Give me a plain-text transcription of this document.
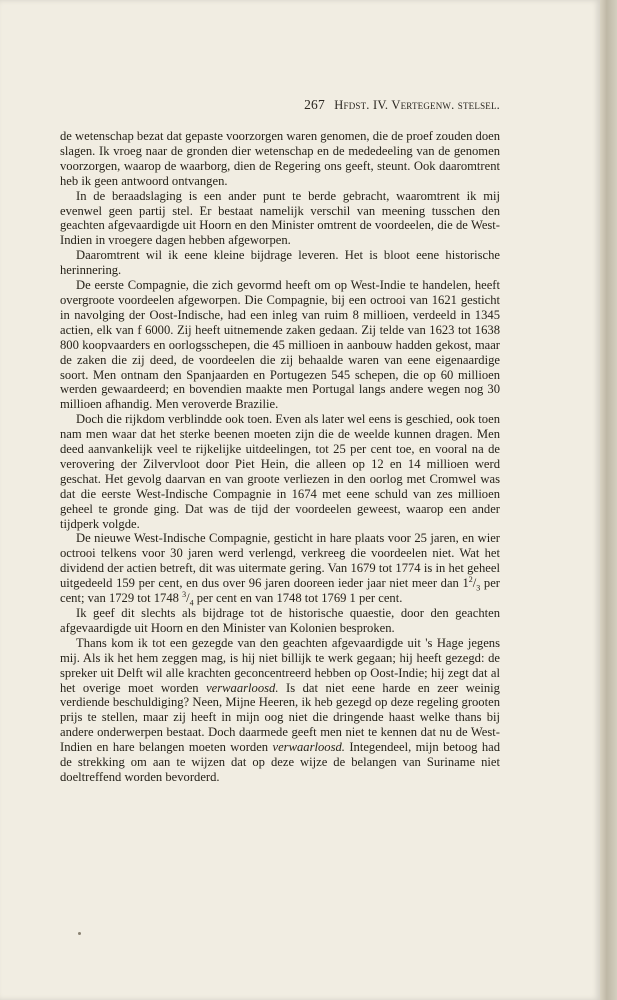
267 Hfdst. IV. Vertegenw. stelsel.

de wetenschap bezat dat gepaste voorzorgen waren genomen, die de proef zouden doen slagen. Ik vroeg naar de gronden dier wetenschap en de mededeeling van de genomen voorzorgen, waarop de waarborg, dien de Regering ons geeft, steunt. Ook daaromtrent heb ik geen antwoord ontvangen.

In de beraadslaging is een ander punt te berde gebracht, waaromtrent ik mij evenwel geen partij stel. Er bestaat namelijk verschil van meening tusschen den geachten afgevaardigde uit Hoorn en den Minister omtrent de voordeelen, die de West-Indien in vroegere dagen hebben afgeworpen.

Daaromtrent wil ik eene kleine bijdrage leveren. Het is bloot eene historische herinnering.

De eerste Compagnie, die zich gevormd heeft om op West-Indie te handelen, heeft overgroote voordeelen afgeworpen. Die Compagnie, bij een octrooi van 1621 gesticht in navolging der Oost-Indische, had een inleg van ruim 8 millioen, verdeeld in 1345 actien, elk van f 6000. Zij heeft uitnemende zaken gedaan. Zij telde van 1623 tot 1638 800 koopvaarders en oorlogsschepen, die 45 millioen in aanbouw hadden gekost, maar de zaken die zij deed, de voordeelen die zij behaalde waren van eene eigenaardige soort. Men ontnam den Spanjaarden en Portugezen 545 schepen, die op 60 millioen werden gewaardeerd; en bovendien maakte men Portugal langs andere wegen nog 30 millioen afhandig. Men veroverde Brazilie.

Doch die rijkdom verblindde ook toen. Even als later wel eens is geschied, ook toen nam men waar dat het sterke beenen moeten zijn die de weelde kunnen dragen. Men deed aanvankelijk veel te rijkelijke uitdeelingen, tot 25 per cent toe, en vooral na de verovering der Zilvervloot door Piet Hein, die alleen op 12 en 14 millioen werd geschat. Het gevolg daarvan en van groote verliezen in den oorlog met Cromwel was dat die eerste West-Indische Compagnie in 1674 met eene schuld van zes millioen geheel te gronde ging. Dat was de tijd der voordeelen geweest, waarop een ander tijdperk volgde.

De nieuwe West-Indische Compagnie, gesticht in hare plaats voor 25 jaren, en wier octrooi telkens voor 30 jaren werd verlengd, verkreeg die voordeelen niet. Wat het dividend der actien betreft, dit was uitermate gering. Van 1679 tot 1774 is in het geheel uitgedeeld 159 per cent, en dus over 96 jaren dooreen ieder jaar niet meer dan $1^2/_3$ per cent; van 1729 tot 1748 $^3/_4$ per cent en van 1748 tot 1769 1 per cent.

Ik geef dit slechts als bijdrage tot de historische quaestie, door den geachten afgevaardigde uit Hoorn en den Minister van Kolonien besproken.

Thans kom ik tot een gezegde van den geachten afgevaardigde uit 's Hage jegens mij. Als ik het hem zeggen mag, is hij niet billijk te werk gegaan; hij heeft gezegd: de spreker uit Delft wil alle krachten geconcentreerd hebben op Oost-Indie; hij zegt dat al het overige moet worden verwaarloosd. Is dat niet eene harde en zeer weinig verdiende beschuldiging? Neen, Mijne Heeren, ik heb gezegd op deze regeling grooten prijs te stellen, maar zij heeft in mijn oog niet die dringende haast welke thans bij andere onderwerpen bestaat. Doch daarmede geeft men niet te kennen dat nu de West-Indien en hare belangen moeten worden verwaarloosd. Integendeel, mijn betoog had de strekking om aan te wijzen dat op deze wijze de belangen van Suriname niet doeltreffend worden bevorderd.
